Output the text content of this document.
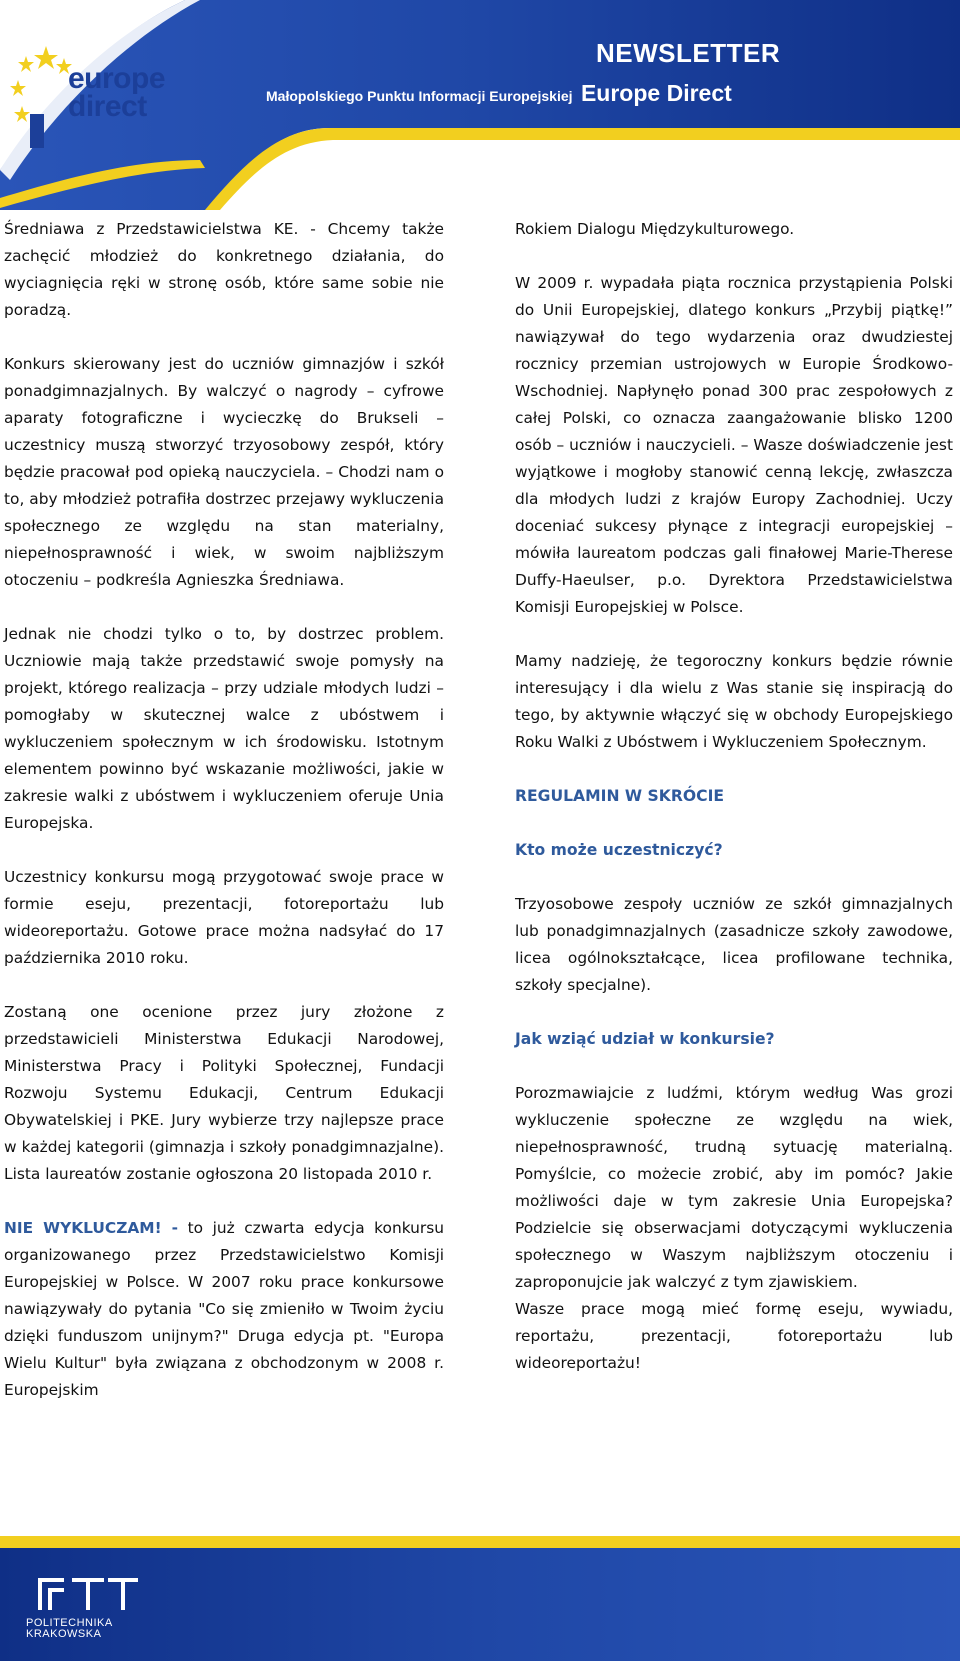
europe
direct
NEWSLETTER
Małopolskiego Punktu Informacji Europejskiej Europe Direct

Średniawa z Przedstawicielstwa KE. - Chcemy także zachęcić młodzież do konkretnego działania, do wyciagnięcia ręki w stronę osób, które same sobie nie poradzą.

Konkurs skierowany jest do uczniów gimnazjów i szkół ponadgimnazjalnych. By walczyć o nagrody – cyfrowe aparaty fotograficzne i wycieczkę do Brukseli – uczestnicy muszą stworzyć trzyosobowy zespół, który będzie pracował pod opieką nauczyciela. – Chodzi nam o to, aby młodzież potrafiła dostrzec przejawy wykluczenia społecznego ze względu na stan materialny, niepełnosprawność i wiek, w swoim najbliższym otoczeniu – podkreśla Agnieszka Średniawa.

Jednak nie chodzi tylko o to, by dostrzec problem. Uczniowie mają także przedstawić swoje pomysły na projekt, którego realizacja – przy udziale młodych ludzi – pomogłaby w skutecznej walce z ubóstwem i wykluczeniem społecznym w ich środowisku. Istotnym elementem powinno być wskazanie możliwości, jakie w zakresie walki z ubóstwem i wykluczeniem oferuje Unia Europejska.

Uczestnicy konkursu mogą przygotować swoje prace w formie eseju, prezentacji, fotoreportażu lub wideoreportażu. Gotowe prace można nadsyłać do 17 października 2010 roku.

Zostaną one ocenione przez jury złożone z przedstawicieli Ministerstwa Edukacji Narodowej, Ministerstwa Pracy i Polityki Społecznej, Fundacji Rozwoju Systemu Edukacji, Centrum Edukacji Obywatelskiej i PKE. Jury wybierze trzy najlepsze prace w każdej kategorii (gimnazja i szkoły ponadgimnazjalne). Lista laureatów zostanie ogłoszona 20 listopada 2010 r.

NIE WYKLUCZAM! - to już czwarta edycja konkursu organizowanego przez Przedstawicielstwo Komisji Europejskiej w Polsce. W 2007 roku prace konkursowe nawiązywały do pytania "Co się zmieniło w Twoim życiu dzięki funduszom unijnym?" Druga edycja pt. "Europa Wielu Kultur" była związana z obchodzonym w 2008 r. Europejskim

Rokiem Dialogu Międzykulturowego.

W 2009 r. wypadała piąta rocznica przystąpienia Polski do Unii Europejskiej, dlatego konkurs „Przybij piątkę!” nawiązywał do tego wydarzenia oraz dwudziestej rocznicy przemian ustrojowych w Europie Środkowo-Wschodniej. Napłynęło ponad 300 prac zespołowych z całej Polski, co oznacza zaangażowanie blisko 1200 osób – uczniów i nauczycieli. – Wasze doświadczenie jest wyjątkowe i mogłoby stanowić cenną lekcję, zwłaszcza dla młodych ludzi z krajów Europy Zachodniej. Uczy doceniać sukcesy płynące z integracji europejskiej – mówiła laureatom podczas gali finałowej Marie-Therese Duffy-Haeulser, p.o. Dyrektora Przedstawicielstwa Komisji Europejskiej w Polsce.

Mamy nadzieję, że tegoroczny konkurs będzie równie interesujący i dla wielu z Was stanie się inspiracją do tego, by aktywnie włączyć się w obchody Europejskiego Roku Walki z Ubóstwem i Wykluczeniem Społecznym.

REGULAMIN W SKRÓCIE
Kto może uczestniczyć?

Trzyosobowe zespoły uczniów ze szkół gimnazjalnych lub ponadgimnazjalnych (zasadnicze szkoły zawodowe, licea ogólnokształcące, licea profilowane technika, szkoły specjalne).

Jak wziąć udział w konkursie?

Porozmawiajcie z ludźmi, którym według Was grozi wykluczenie społeczne ze względu na wiek, niepełnosprawność, trudną sytuację materialną. Pomyślcie, co możecie zrobić, aby im pomóc? Jakie możliwości daje w tym zakresie Unia Europejska? Podzielcie się obserwacjami dotyczącymi wykluczenia społecznego w Waszym najbliższym otoczeniu i zaproponujcie jak walczyć z tym zjawiskiem.

Wasze prace mogą mieć formę eseju, wywiadu, reportażu, prezentacji, fotoreportażu lub wideoreportażu!

POLITECHNIKA
KRAKOWSKA
